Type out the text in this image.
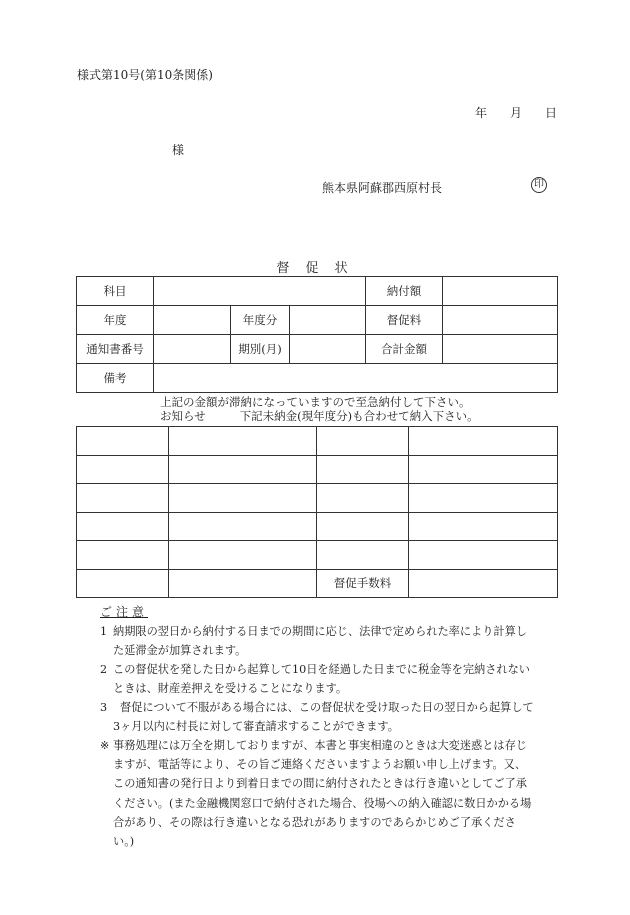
様式第10号(第10条関係)
年 月 日
様
熊本県阿蘇郡西原村長	印
督 促 状
科目				納付額	
年度		年度分		督促料	
通知書番号		期別(月)		合計金額	
備考					
上記の金額が滞納になっていますので至急納付して下さい。
お知らせ	下記未納金(現年度分)も合わせて納入下さい。

		督促手数料	
ご注意
1 納期限の翌日から納付する日までの期間に応じ、法律で定められた率により計算し
た延滞金が加算されます。
2 この督促状を発した日から起算して10日を経過した日までに税金等を完納されない
ときは、財産差押えを受けることになります。
3	督促について不服がある場合には、この督促状を受け取った日の翌日から起算して
3ヶ月以内に村長に対して審査請求することができます。
※ 事務処理には万全を期しておりますが、本書と事実相違のときは大変迷惑とは存じ
ますが、電話等により、その旨ご連絡くださいますようお願い申し上げます。又、
この通知書の発行日より到着日までの間に納付されたときは行き違いとしてご了承
ください。(また金融機関窓口で納付された場合、役場への納入確認に数日かかる場
合があり、その際は行き違いとなる恐れがありますのであらかじめご了承くださ
い。)
